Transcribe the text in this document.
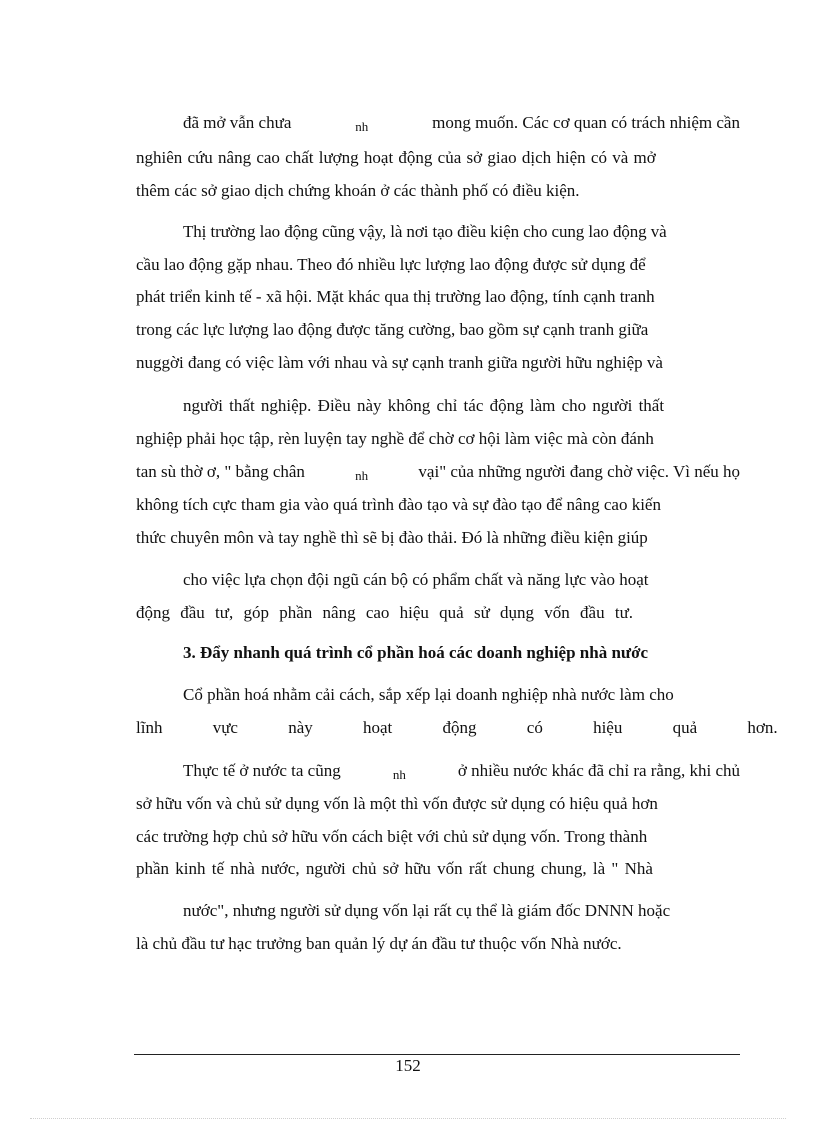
đã mở vẫn chưa	nh	mong muốn. Các cơ quan có trách nhiệm cần
nghiên cứu nâng cao chất lượng hoạt động của sở giao dịch hiện có và mở
thêm các sở giao dịch chứng khoán ở các thành phố có điều kiện.
Thị trường lao động cũng vậy, là nơi tạo điều kiện cho cung lao động và
cầu lao động gặp nhau. Theo đó nhiều lực lượng lao động được sử dụng để
phát triển kinh tế - xã hội. Mặt khác qua thị trường lao động, tính cạnh tranh
trong các lực lượng lao động được tăng cường, bao gồm sự cạnh tranh giữa
nuggời đang có việc làm với nhau và sự cạnh tranh giữa người hữu nghiệp và
người thất nghiệp. Điều này không chỉ tác động làm cho người thất
nghiệp phải học tập, rèn luyện tay nghề để chờ cơ hội làm việc mà còn đánh
tan sù thờ ơ, " bằng chân	nh	vại" của những người đang chờ việc. Vì nếu họ
không tích cực tham gia vào quá trình đào tạo và sự đào tạo để nâng cao kiến
thức chuyên môn và tay nghề thì sẽ bị đào thải. Đó là những điều kiện giúp
cho việc lựa chọn đội ngũ cán bộ có phẩm chất và năng lực vào hoạt
động đầu tư, góp phần nâng cao hiệu quả sử dụng vốn đầu tư.
3. Đẩy nhanh quá trình cổ phần hoá các doanh nghiệp nhà nước
Cổ phần hoá nhằm cải cách, sắp xếp lại doanh nghiệp nhà nước làm cho
lĩnh vực này hoạt động có hiệu quả hơn.
Thực tế ở nước ta cũng	nh	ở nhiều nước khác đã chỉ ra rằng, khi chủ
sở hữu vốn và chủ sử dụng vốn là một thì vốn được sử dụng có hiệu quả hơn
các trường hợp chủ sở hữu vốn cách biệt với chủ sử dụng vốn. Trong thành
phần kinh tế nhà nước, người chủ sở hữu vốn rất chung chung, là " Nhà
nước", nhưng người sử dụng vốn lại rất cụ thể là giám đốc DNNN hoặc
là chủ đầu tư hạc trưởng ban quản lý dự án đầu tư thuộc vốn Nhà nước.
152
